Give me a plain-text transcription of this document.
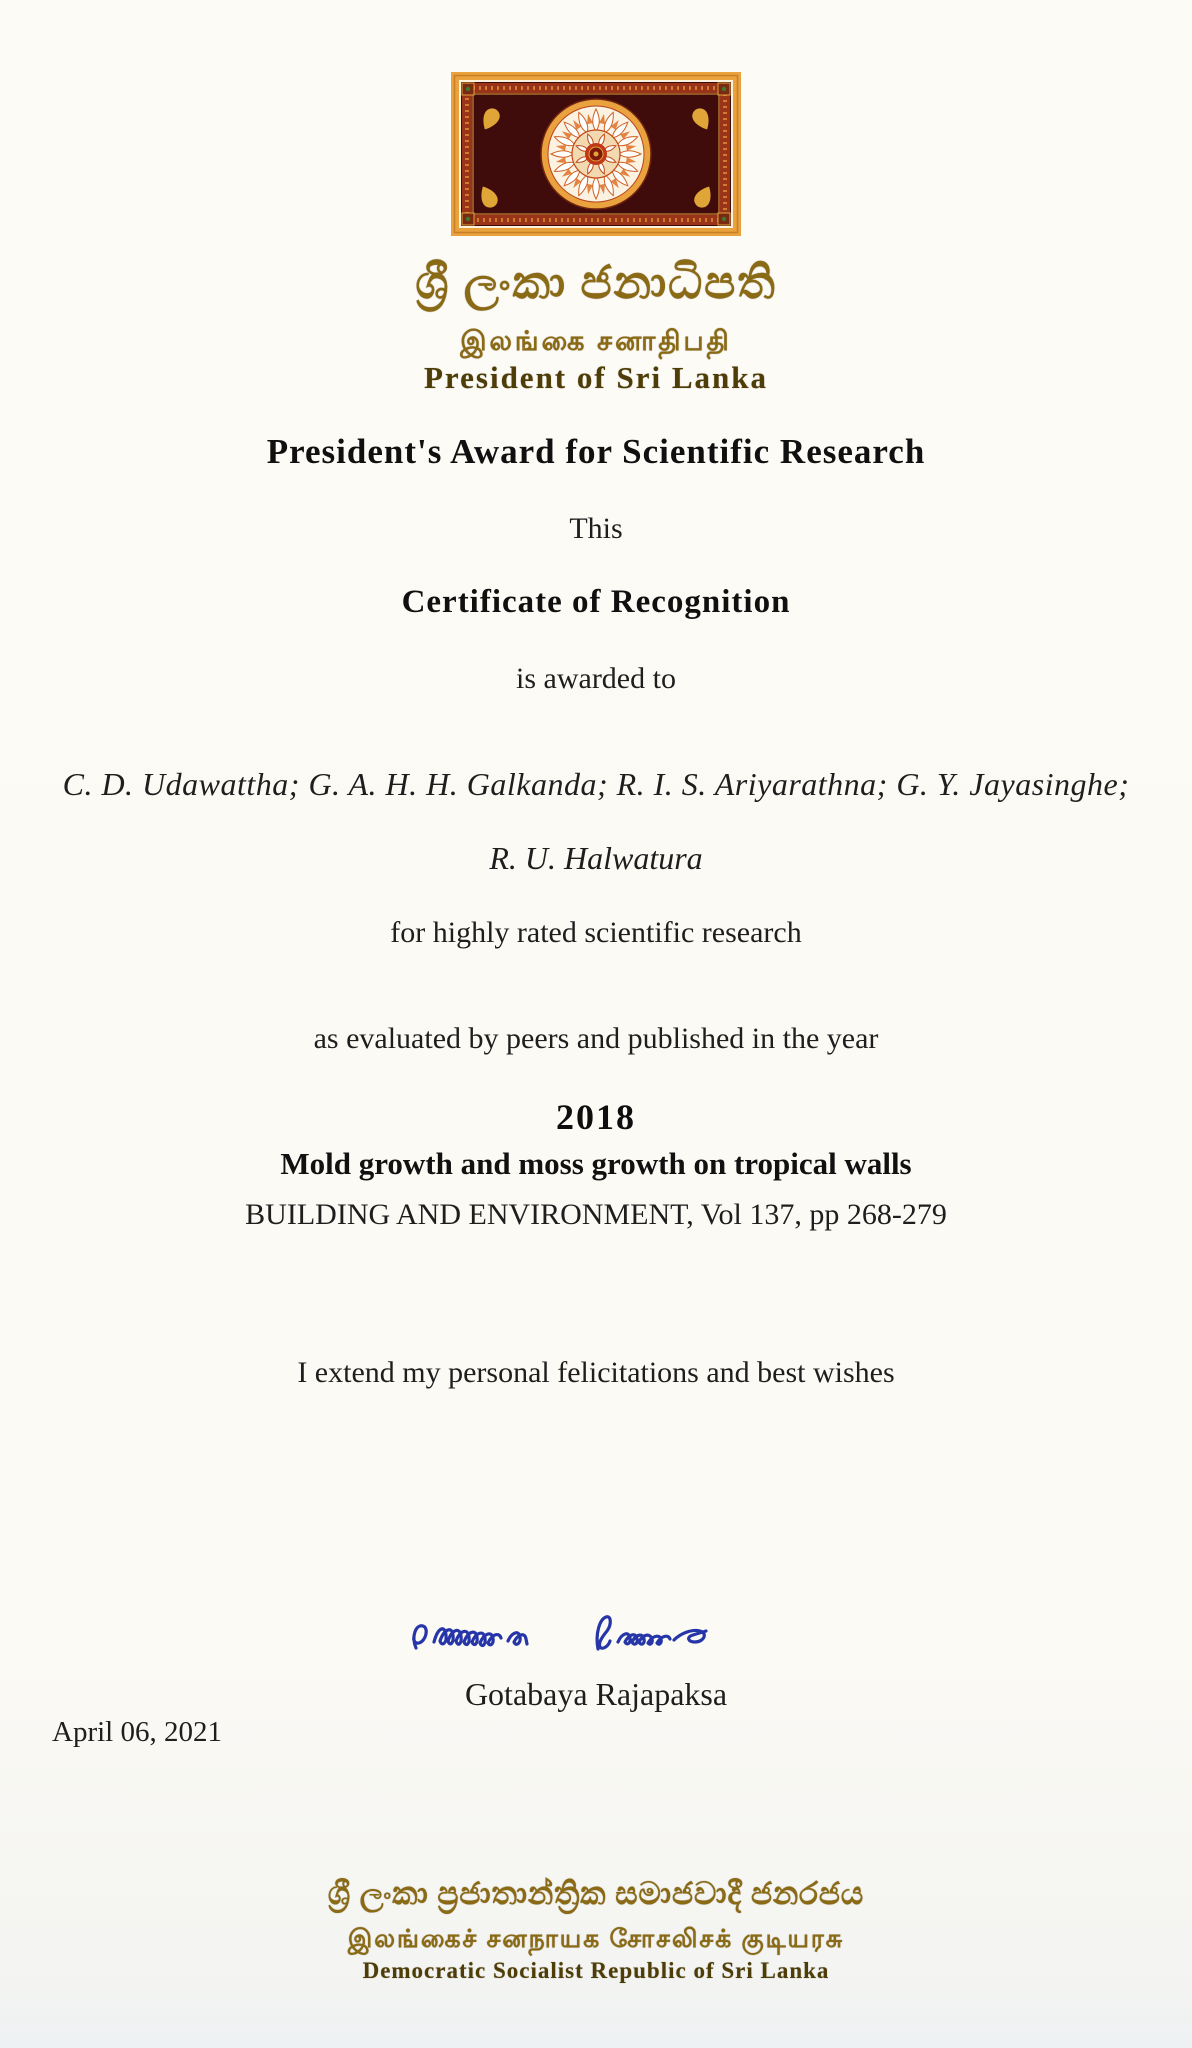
ශ්‍රී ලංකා ජනාධිපති
இலங்கை சனாதிபதி
President of Sri Lanka
President's Award for Scientific Research
This
Certificate of Recognition
is awarded to
C. D. Udawattha; G. A. H. H. Galkanda; R. I. S. Ariyarathna; G. Y. Jayasinghe;
R. U. Halwatura
for highly rated scientific research
as evaluated by peers and published in the year
2018
Mold growth and moss growth on tropical walls
BUILDING AND ENVIRONMENT, Vol 137, pp 268-279
I extend my personal felicitations and best wishes
Gotabaya Rajapaksa
April 06, 2021
ශ්‍රී ලංකා ප්‍රජාතාන්ත්‍රික සමාජවාදී ජනරජය
இலங்கைச் சனநாயக சோசலிசக் குடியரசு
Democratic Socialist Republic of Sri Lanka
